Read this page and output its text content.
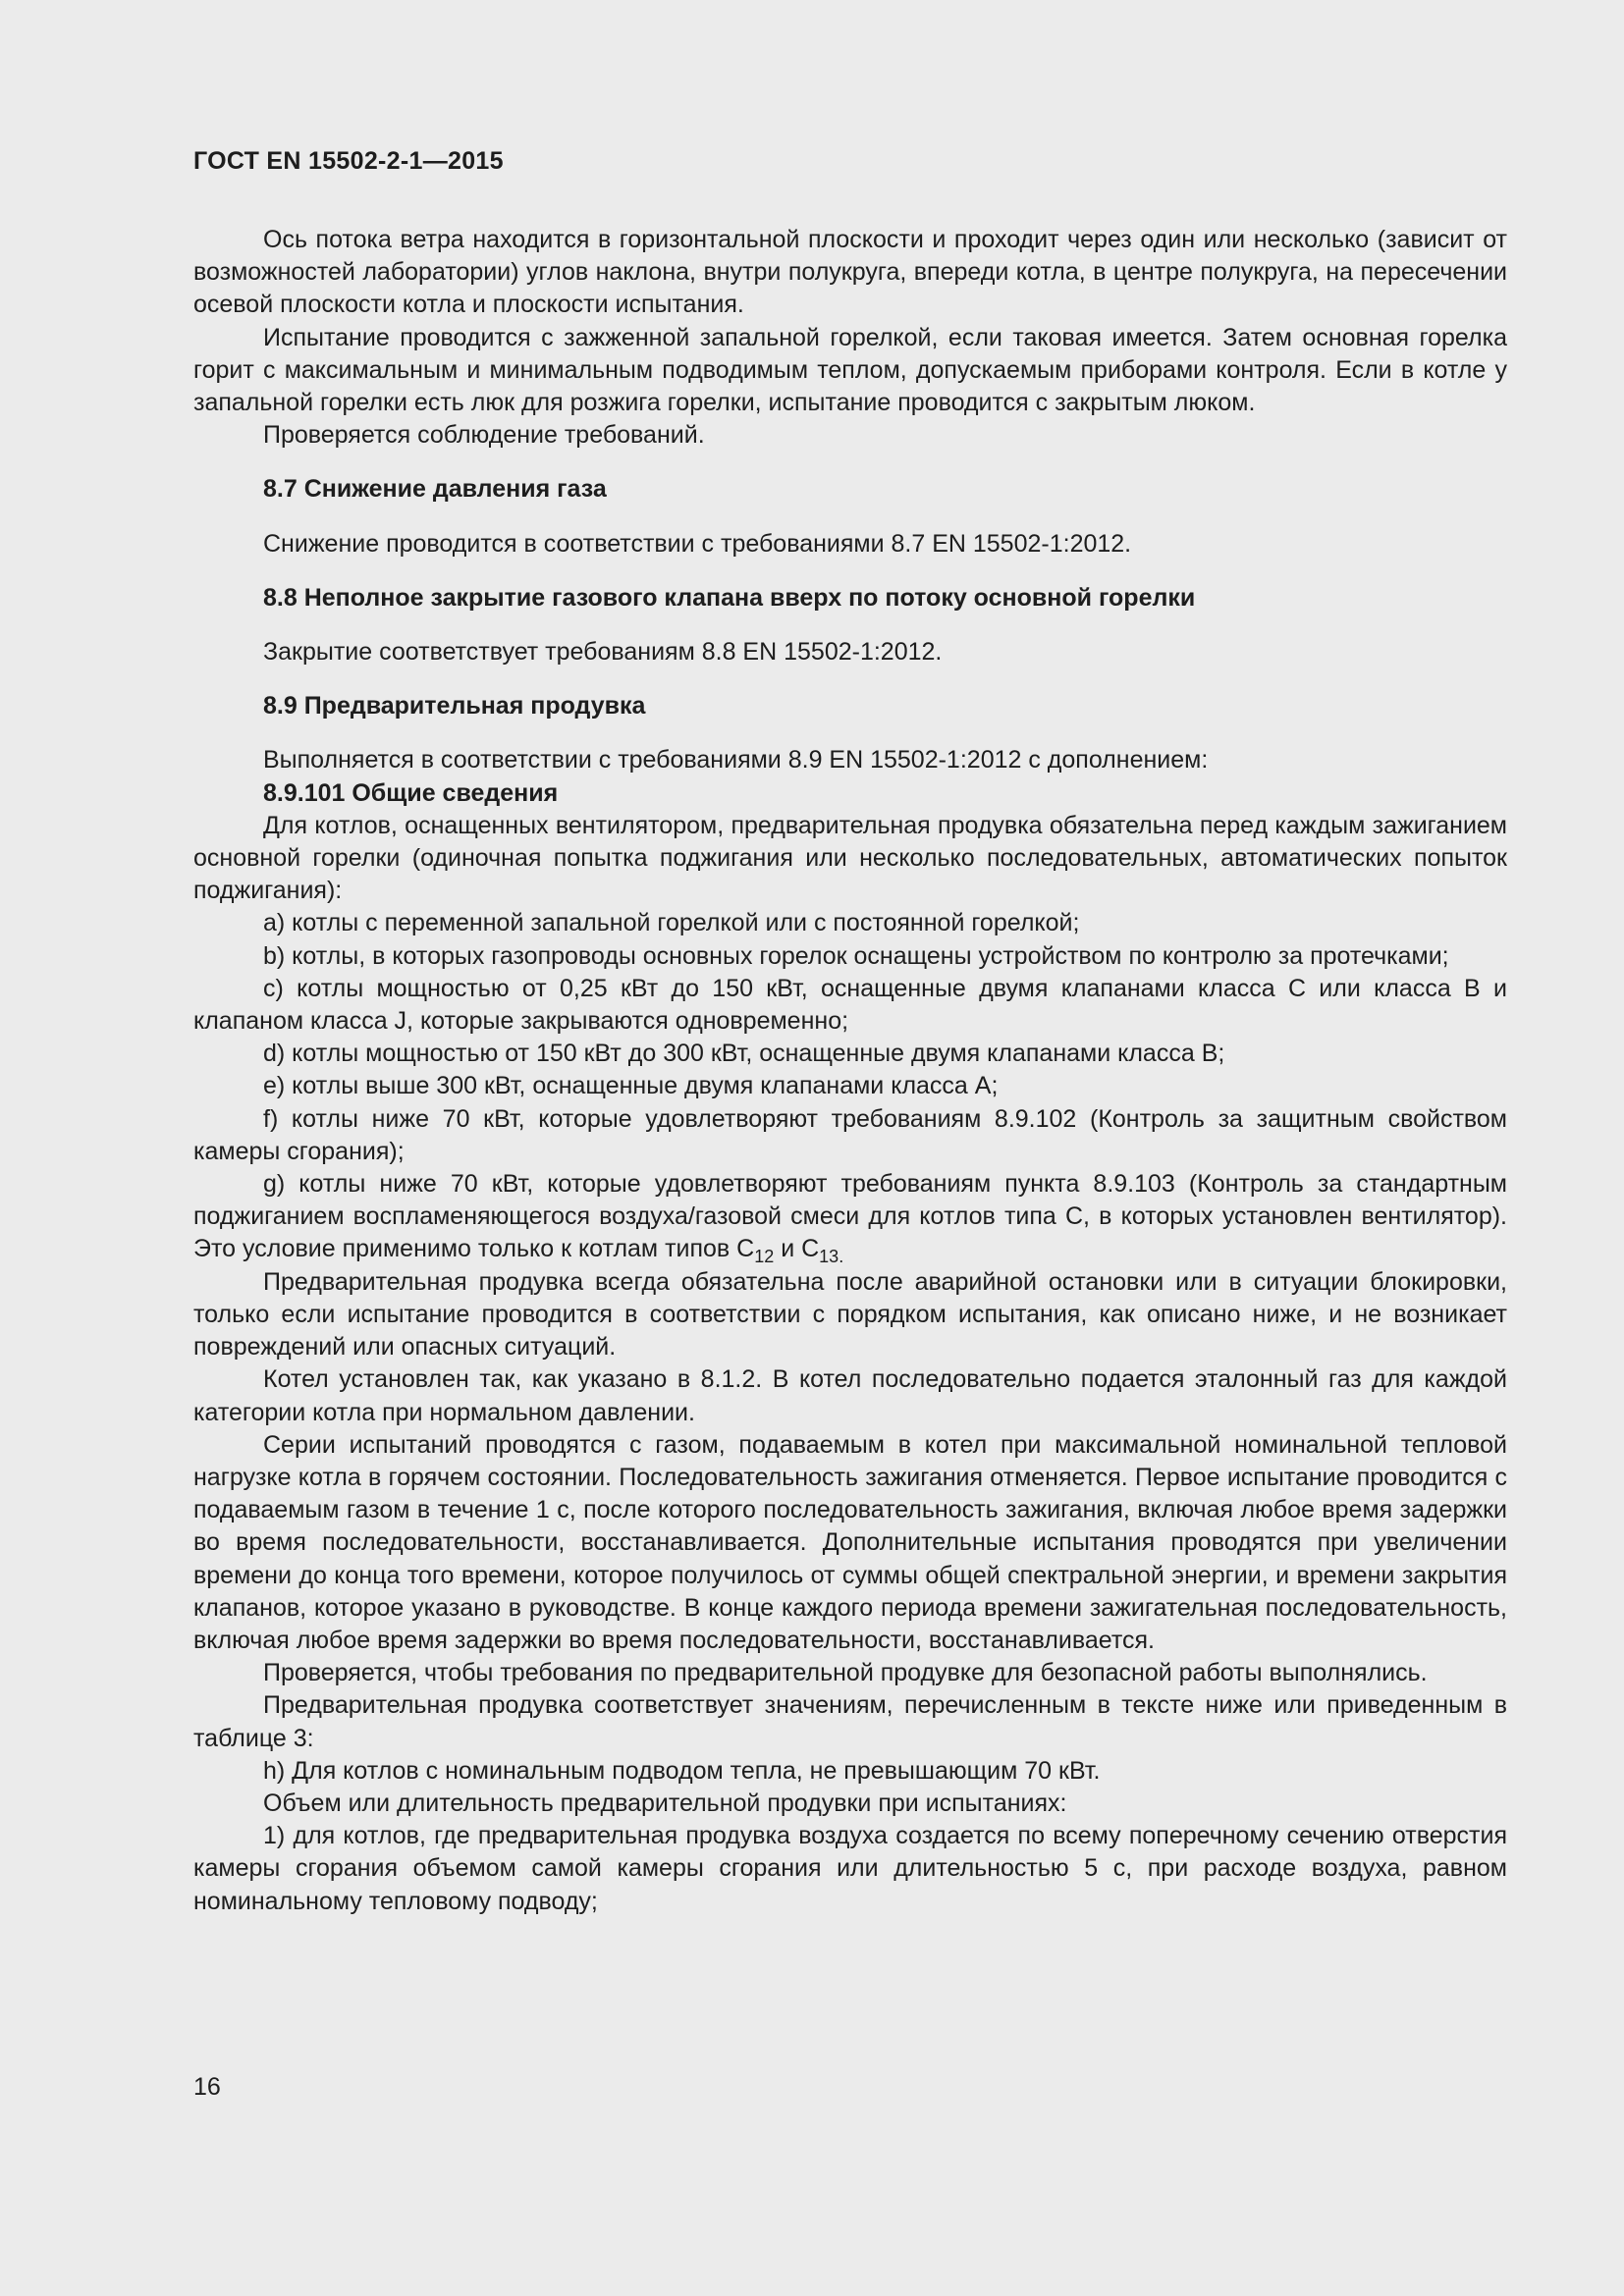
ГОСТ EN 15502-2-1—2015

Ось потока ветра находится в горизонтальной плоскости и проходит через один или несколько (зависит от возможностей лаборатории) углов наклона, внутри полукруга, впереди котла, в центре полукруга, на пересечении осевой плоскости котла и плоскости испытания.

Испытание проводится с зажженной запальной горелкой, если таковая имеется. Затем основная горелка горит с максимальным и минимальным подводимым теплом, допускаемым приборами контроля. Если в котле у запальной горелки есть люк для розжига горелки, испытание проводится с закрытым люком.

Проверяется соблюдение требований.

8.7 Снижение давления газа

Снижение проводится в соответствии с требованиями 8.7 EN 15502-1:2012.

8.8 Неполное закрытие газового клапана вверх по потоку основной горелки

Закрытие соответствует требованиям 8.8 EN 15502-1:2012.

8.9 Предварительная продувка

Выполняется в соответствии с требованиями 8.9 EN 15502-1:2012 с дополнением:

8.9.101 Общие сведения

Для котлов, оснащенных вентилятором, предварительная продувка обязательна перед каждым зажиганием основной горелки (одиночная попытка поджигания или несколько последовательных, автоматических попыток поджигания):

a) котлы с переменной запальной горелкой или с постоянной горелкой;

b) котлы, в которых газопроводы основных горелок оснащены устройством по контролю за протечками;

c) котлы мощностью от 0,25 кВт до 150 кВт, оснащенные двумя клапанами класса С или класса В и клапаном класса J, которые закрываются одновременно;

d) котлы мощностью от 150 кВт до 300 кВт, оснащенные двумя клапанами класса В;

e) котлы выше 300 кВт, оснащенные двумя клапанами класса А;

f) котлы ниже 70 кВт, которые удовлетворяют требованиям 8.9.102 (Контроль за защитным свойством камеры сгорания);

g) котлы ниже 70 кВт, которые удовлетворяют требованиям пункта 8.9.103 (Контроль за стандартным поджиганием воспламеняющегося воздуха/газовой смеси для котлов типа С, в которых установлен вентилятор). Это условие применимо только к котлам типов $С_{12}$ и $С_{13.}$

Предварительная продувка всегда обязательна после аварийной остановки или в ситуации блокировки, только если испытание проводится в соответствии с порядком испытания, как описано ниже, и не возникает повреждений или опасных ситуаций.

Котел установлен так, как указано в 8.1.2. В котел последовательно подается эталонный газ для каждой категории котла при нормальном давлении.

Серии испытаний проводятся с газом, подаваемым в котел при максимальной номинальной тепловой нагрузке котла в горячем состоянии. Последовательность зажигания отменяется. Первое испытание проводится с подаваемым газом в течение 1 с, после которого последовательность зажигания, включая любое время задержки во время последовательности, восстанавливается. Дополнительные испытания проводятся при увеличении времени до конца того времени, которое получилось от суммы общей спектральной энергии, и времени закрытия клапанов, которое указано в руководстве. В конце каждого периода времени зажигательная последовательность, включая любое время задержки во время последовательности, восстанавливается.

Проверяется, чтобы требования по предварительной продувке для безопасной работы выполнялись.

Предварительная продувка соответствует значениям, перечисленным в тексте ниже или приведенным в таблице 3:

h) Для котлов с номинальным подводом тепла, не превышающим 70 кВт.

Объем или длительность предварительной продувки при испытаниях:

1) для котлов, где предварительная продувка воздуха создается по всему поперечному сечению отверстия камеры сгорания объемом самой камеры сгорания или длительностью 5 с, при расходе воздуха, равном номинальному тепловому подводу;

16
